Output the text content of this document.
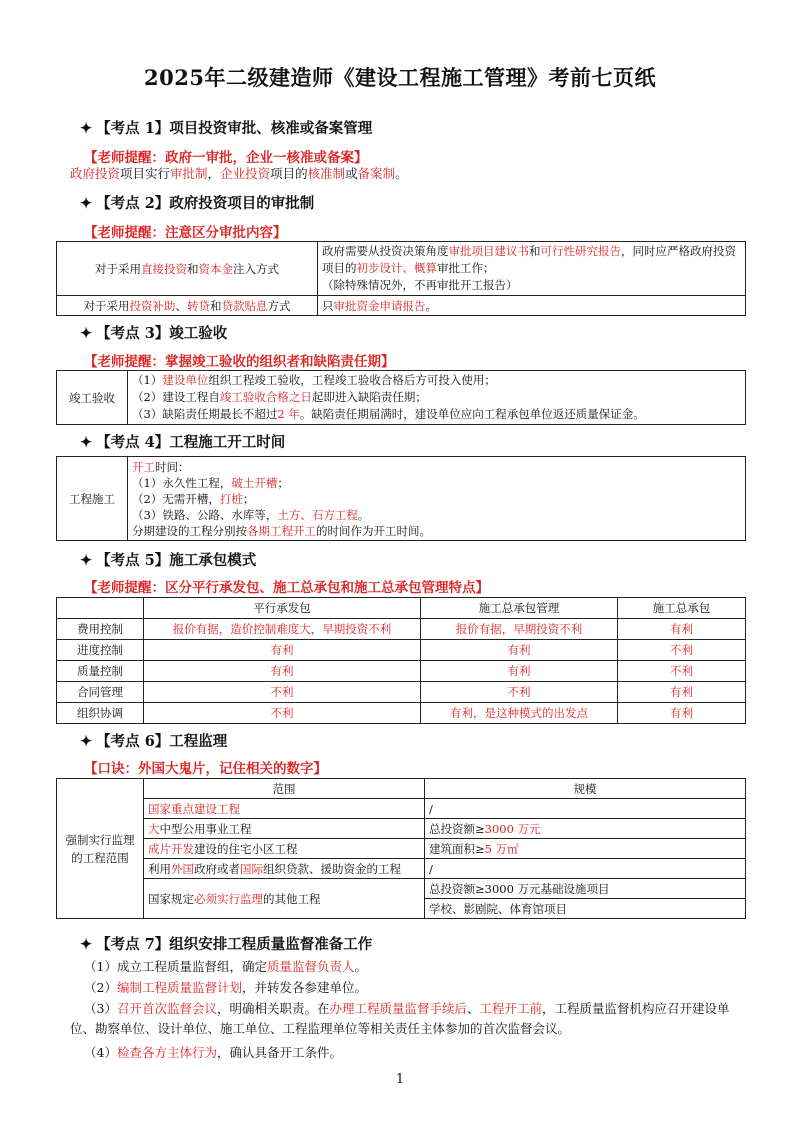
2025年二级建造师《建设工程施工管理》考前七页纸
✦ 【考点 1】项目投资审批、核准或备案管理
【老师提醒：政府一审批，企业一核准或备案】
政府投资项目实行审批制，企业投资项目的核准制或备案制。
✦ 【考点 2】政府投资项目的审批制
【老师提醒：注意区分审批内容】
对于采用直接投资和资本金注入方式	政府需要从投资决策角度审批项目建议书和可行性研究报告，同时应严格政府投资项目的初步设计、概算审批工作；
（除特殊情况外，不再审批开工报告）
对于采用投资补助、转贷和贷款贴息方式	只审批资金申请报告。
✦ 【考点 3】竣工验收
【老师提醒：掌握竣工验收的组织者和缺陷责任期】
竣工验收	（1）建设单位组织工程竣工验收，工程竣工验收合格后方可投入使用；
（2）建设工程自竣工验收合格之日起即进入缺陷责任期；
（3）缺陷责任期最长不超过2 年。缺陷责任期届满时，建设单位应向工程承包单位返还质量保证金。
✦ 【考点 4】工程施工开工时间
工程施工	开工时间：
（1）永久性工程，破土开槽；
（2）无需开槽，打桩；
（3）铁路、公路、水库等，土方、石方工程。
分期建设的工程分别按各期工程开工的时间作为开工时间。
✦ 【考点 5】施工承包模式
【老师提醒：区分平行承发包、施工总承包和施工总承包管理特点】
	平行承发包	施工总承包管理	施工总承包
费用控制	报价有据，造价控制难度大，早期投资不利	报价有据，早期投资不利	有利
进度控制	有利	有利	不利
质量控制	有利	有利	不利
合同管理	不利	不利	有利
组织协调	不利	有利，是这种模式的出发点	有利
✦ 【考点 6】工程监理
【口诀：外国大鬼片，记住相关的数字】
强制实行监理的工程范围	范围	规模
	国家重点建设工程	/
	大中型公用事业工程	总投资额≥3000 万元
	成片开发建设的住宅小区工程	建筑面积≥5 万㎡
	利用外国政府或者国际组织贷款、援助资金的工程	/
	国家规定必须实行监理的其他工程	总投资额≥3000 万元基础设施项目
		学校、影剧院、体育馆项目
✦ 【考点 7】组织安排工程质量监督准备工作
（1）成立工程质量监督组，确定质量监督负责人。
（2）编制工程质量监督计划，并转发各参建单位。
（3）召开首次监督会议，明确相关职责。在办理工程质量监督手续后、工程开工前，工程质量监督机构应召开建设单位、勘察单位、设计单位、施工单位、工程监理单位等相关责任主体参加的首次监督会议。
（4）检查各方主体行为，确认具备开工条件。
1
